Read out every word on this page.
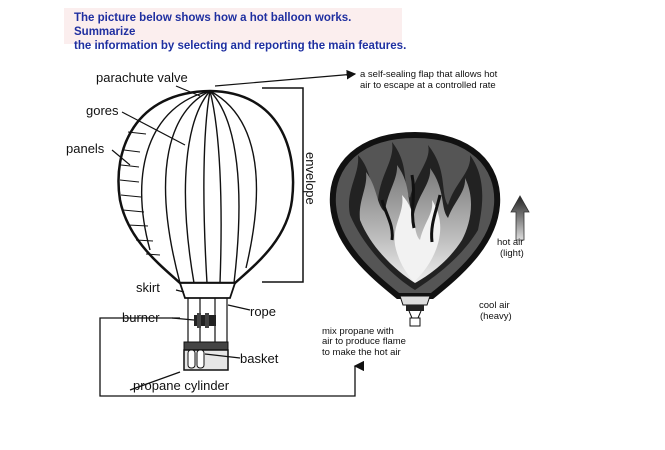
The picture below shows how a hot balloon works. Summarize
the information by selecting and reporting the main features.
parachute valve
gores
panels
skirt
burner	rope
basket
propane cylinder
envelope
a self-sealing flap that allows hot
air to escape at a controlled rate
hot air
(light)
cool air
(heavy)
mix propane with
air to produce flame
to make the hot air
